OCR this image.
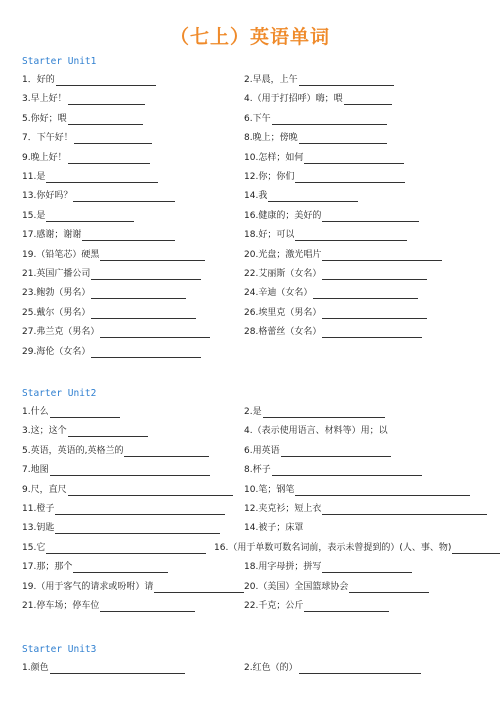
（七上）英语单词
Starter Unit1
1．好的	2.早晨，上午
3.早上好！	4.（用于打招呼）嗨；喂
5.你好；喂	6.下午
7．下午好！	8.晚上；傍晚
9.晚上好！	10.怎样；如何
11.是	12.你；你们
13.你好吗？	14.我
15.是	16.健康的；美好的
17.感谢；谢谢	18.好；可以
19.（铅笔芯）硬黑	20.光盘；激光唱片
21.英国广播公司	22.艾丽斯（女名）
23.鲍勃（男名）	24.辛迪（女名）
25.戴尔（男名）	26.埃里克（男名）
27.弗兰克（男名）	28.格蕾丝（女名）
29.海伦（女名）
Starter Unit2
1.什么	2.是
3.这；这个	4.（表示使用语言、材料等）用；以
5.英语，英语的,英格兰的	6.用英语
7.地图	8.杯子
9.尺，直尺	10.笔；钢笔
11.橙子	12.夹克衫；短上衣
13.钥匙	14.被子；床罩
15.它	16.（用于单数可数名词前，表示未曾提到的）(人、事、物)
17.那；那个	18.用字母拼；拼写
19.（用于客气的请求或吩咐）请	20.（美国）全国篮球协会
21.停车场；停车位	22.千克；公斤
Starter Unit3
1.颜色	2.红色（的）
